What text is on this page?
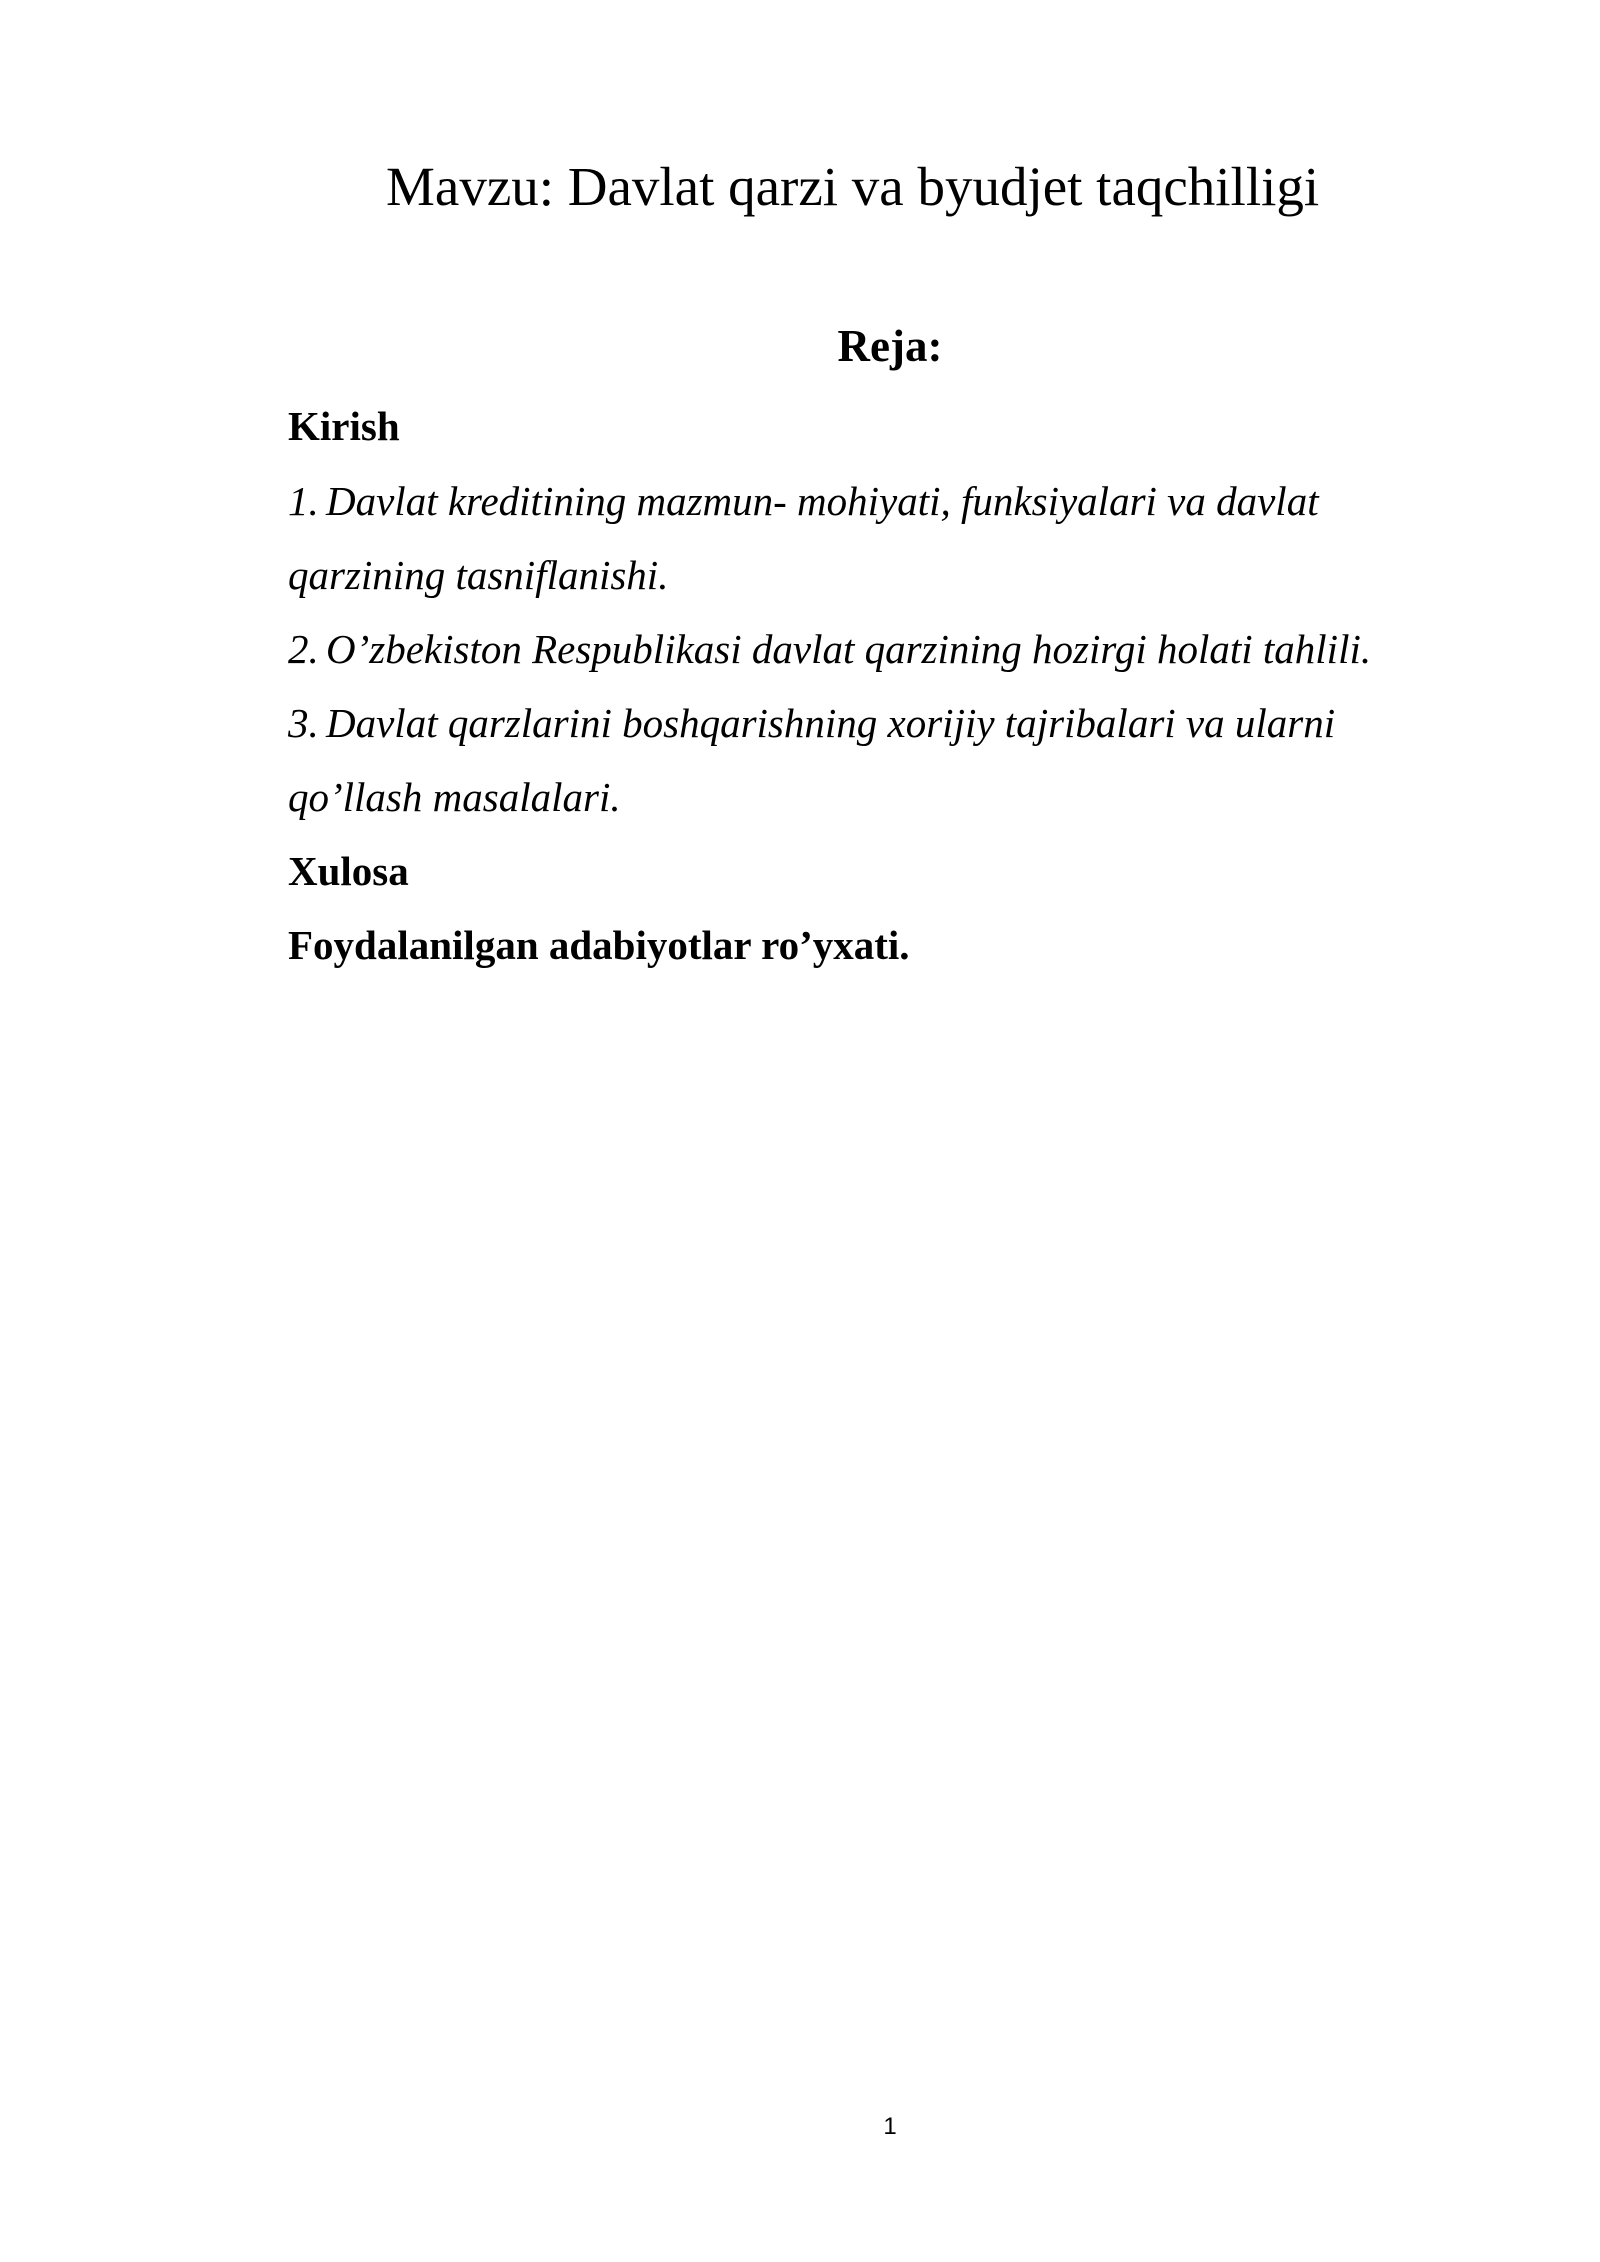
Mavzu: Davlat qarzi va byudjet taqchilligi
Reja:
Kirish
1. Davlat kreditining mazmun- mohiyati, funksiyalari va davlat
qarzining tasniflanishi.
2. O’zbekiston Respublikasi davlat qarzining hozirgi holati tahlili.
3. Davlat qarzlarini boshqarishning xorijiy tajribalari va ularni
qo’llash masalalari.
Xulosa
Foydalanilgan adabiyotlar ro’yxati.
1
